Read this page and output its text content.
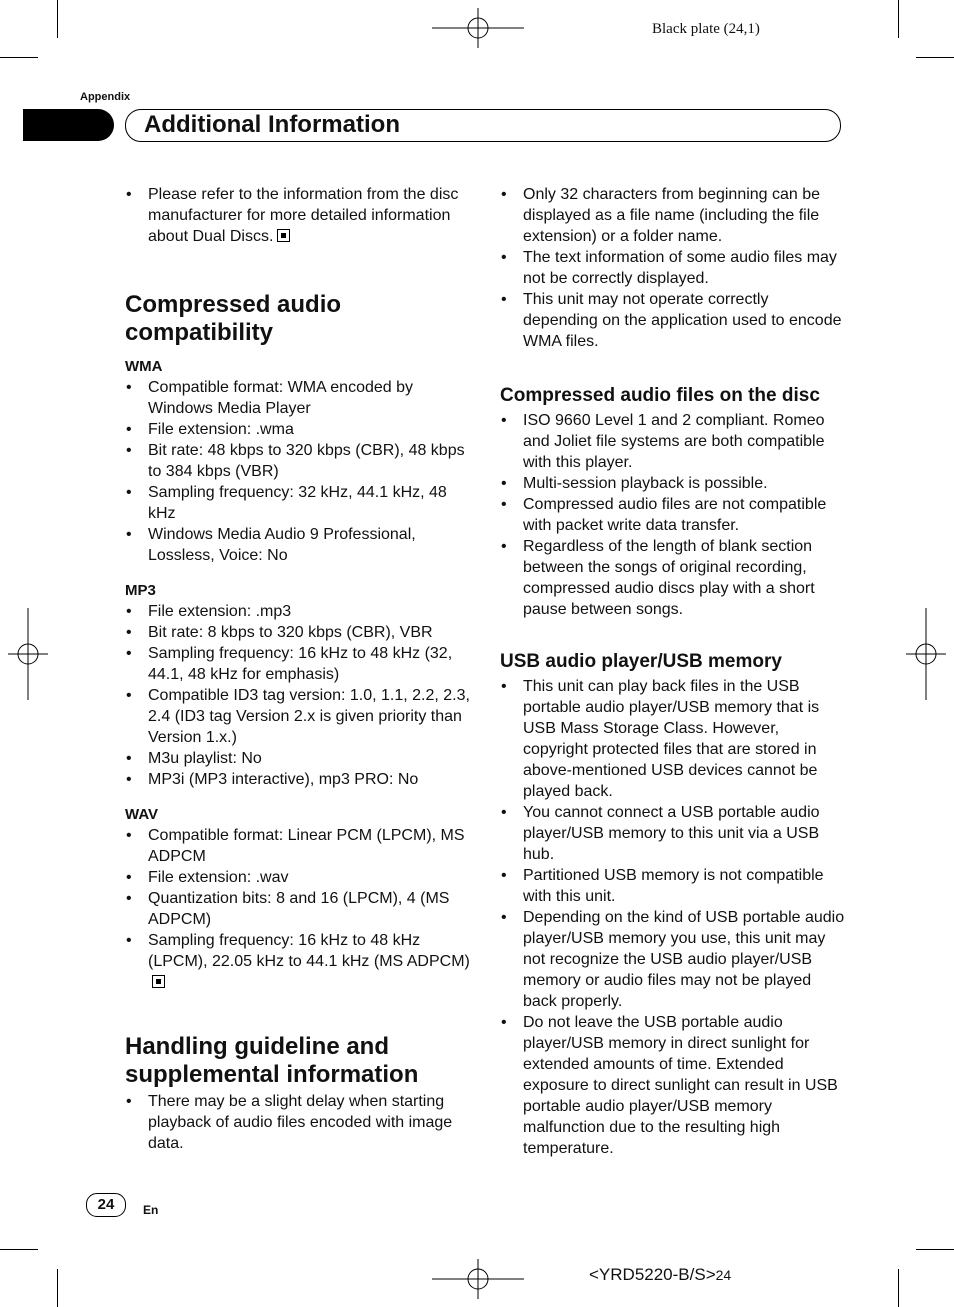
Black plate (24,1)
Appendix
Additional Information
• Please refer to the information from the disc manufacturer for more detailed information about Dual Discs.
Compressed audio
compatibility
WMA
• Compatible format: WMA encoded by Windows Media Player
• File extension: .wma
• Bit rate: 48 kbps to 320 kbps (CBR), 48 kbps to 384 kbps (VBR)
• Sampling frequency: 32 kHz, 44.1 kHz, 48 kHz
• Windows Media Audio 9 Professional, Lossless, Voice: No
MP3
• File extension: .mp3
• Bit rate: 8 kbps to 320 kbps (CBR), VBR
• Sampling frequency: 16 kHz to 48 kHz (32, 44.1, 48 kHz for emphasis)
• Compatible ID3 tag version: 1.0, 1.1, 2.2, 2.3, 2.4 (ID3 tag Version 2.x is given priority than Version 1.x.)
• M3u playlist: No
• MP3i (MP3 interactive), mp3 PRO: No
WAV
• Compatible format: Linear PCM (LPCM), MS ADPCM
• File extension: .wav
• Quantization bits: 8 and 16 (LPCM), 4 (MS ADPCM)
• Sampling frequency: 16 kHz to 48 kHz (LPCM), 22.05 kHz to 44.1 kHz (MS ADPCM)
Handling guideline and
supplemental information
• There may be a slight delay when starting playback of audio files encoded with image data.
• Only 32 characters from beginning can be displayed as a file name (including the file extension) or a folder name.
• The text information of some audio files may not be correctly displayed.
• This unit may not operate correctly depending on the application used to encode WMA files.
Compressed audio files on the disc
• ISO 9660 Level 1 and 2 compliant. Romeo and Joliet file systems are both compatible with this player.
• Multi-session playback is possible.
• Compressed audio files are not compatible with packet write data transfer.
• Regardless of the length of blank section between the songs of original recording, compressed audio discs play with a short pause between songs.
USB audio player/USB memory
• This unit can play back files in the USB portable audio player/USB memory that is USB Mass Storage Class. However, copyright protected files that are stored in above-mentioned USB devices cannot be played back.
• You cannot connect a USB portable audio player/USB memory to this unit via a USB hub.
• Partitioned USB memory is not compatible with this unit.
• Depending on the kind of USB portable audio player/USB memory you use, this unit may not recognize the USB audio player/USB memory or audio files may not be played back properly.
• Do not leave the USB portable audio player/USB memory in direct sunlight for extended amounts of time. Extended exposure to direct sunlight can result in USB portable audio player/USB memory malfunction due to the resulting high temperature.
24	En
<YRD5220-B/S>24
